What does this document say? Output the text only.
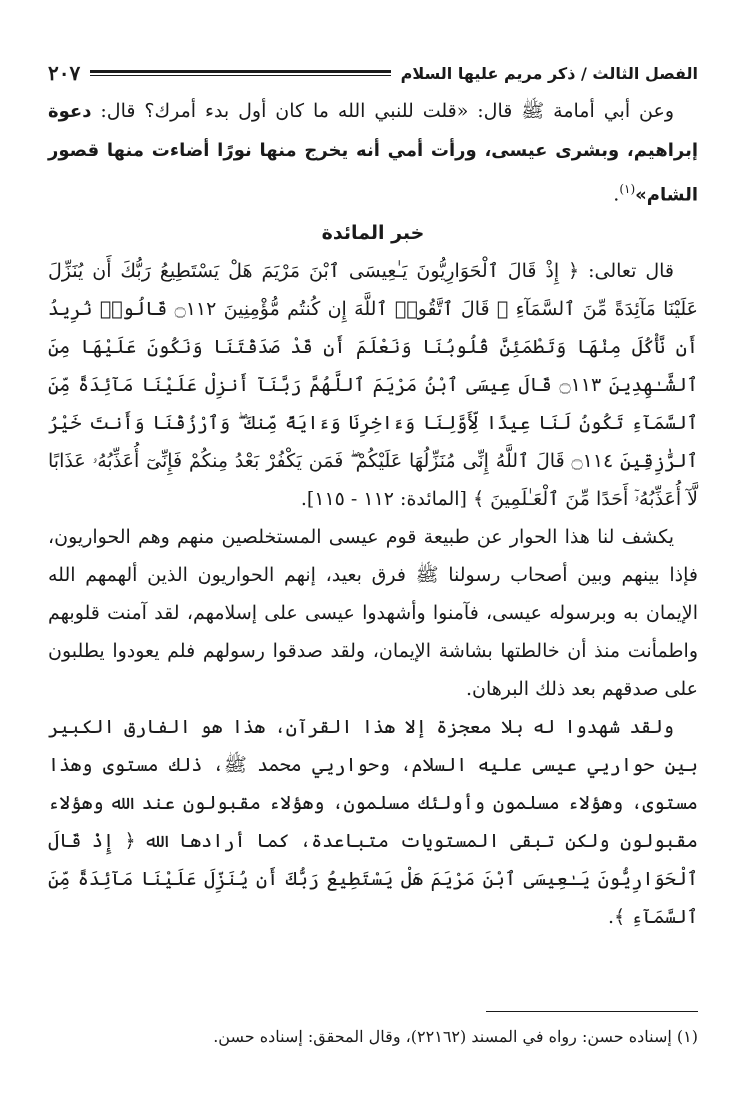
الفصل الثالث / ذكر مريم عليها السلام
٢٠٧

وعن أبي أمامة ﷺ قال: «قلت للنبي الله ما كان أول بدء أمرك؟ قال: دعوة إبراهيم، وبشرى عيسى، ورأت أمي أنه يخرج منها نورًا أضاءت منها قصور الشام»$^{(١)}$.

خبر المائدة

قال تعالى: ﴿ إِذْ قَالَ ٱلْحَوَارِيُّونَ يَـٰعِيسَى ٱبْنَ مَرْيَمَ هَلْ يَسْتَطِيعُ رَبُّكَ أَن يُنَزِّلَ عَلَيْنَا مَآئِدَةً مِّنَ ٱلسَّمَآءِ ۖ قَالَ ٱتَّقُوا۟ ٱللَّهَ إِن كُنتُم مُّؤْمِنِينَ ۝١١٢ قَالُوا۟ نُرِيدُ أَن نَّأْكُلَ مِنْهَا وَتَطْمَئِنَّ قُلُوبُنَا وَنَعْلَمَ أَن قَدْ صَدَقْتَنَا وَنَكُونَ عَلَيْهَا مِنَ ٱلشَّـٰهِدِينَ ۝١١٣ قَالَ عِيسَى ٱبْنُ مَرْيَمَ ٱللَّهُمَّ رَبَّنَآ أَنزِلْ عَلَيْنَا مَآئِدَةً مِّنَ ٱلسَّمَآءِ تَكُونُ لَنَا عِيدًا لِّأَوَّلِنَا وَءَاخِرِنَا وَءَايَةً مِّنكَ ۖ وَٱرْزُقْنَا وَأَنتَ خَيْرُ ٱلرَّٰزِقِينَ ۝١١٤ قَالَ ٱللَّهُ إِنِّى مُنَزِّلُهَا عَلَيْكُمْ ۖ فَمَن يَكْفُرْ بَعْدُ مِنكُمْ فَإِنِّىٓ أُعَذِّبُهُۥ عَذَابًا لَّآ أُعَذِّبُهُۥٓ أَحَدًا مِّنَ ٱلْعَـٰلَمِينَ ﴾ [المائدة: ١١٢ - ١١٥].

يكشف لنا هذا الحوار عن طبيعة قوم عيسى المستخلصين منهم وهم الحواريون، فإذا بينهم وبين أصحاب رسولنا ﷺ فرق بعيد، إنهم الحواريون الذين ألهمهم الله الإيمان به وبرسوله عيسى، فآمنوا وأشهدوا عيسى على إسلامهم، لقد آمنت قلوبهم واطمأنت منذ أن خالطتها بشاشة الإيمان، ولقد صدقوا رسولهم فلم يعودوا يطلبون على صدقهم بعد ذلك البرهان.

ولقد شهدوا له بلا معجزة إلا هذا القرآن، هذا هو الفارق الكبير بين حواريي عيسى عليه السلام، وحواريي محمد ﷺ، ذلك مستوى وهذا مستوى، وهؤلاء مسلمون وأولئك مسلمون، وهؤلاء مقبولون عند الله وهؤلاء مقبولون ولكن تبقى المستويات متباعدة، كما أرادها الله ﴿ إِذْ قَالَ ٱلْحَوَارِيُّونَ يَـٰعِيسَى ٱبْنَ مَرْيَمَ هَلْ يَسْتَطِيعُ رَبُّكَ أَن يُنَزِّلَ عَلَيْنَا مَآئِدَةً مِّنَ ٱلسَّمَآءِ ﴾.

(١) إسناده حسن: رواه في المسند (٢٢١٦٢)، وقال المحقق: إسناده حسن.
